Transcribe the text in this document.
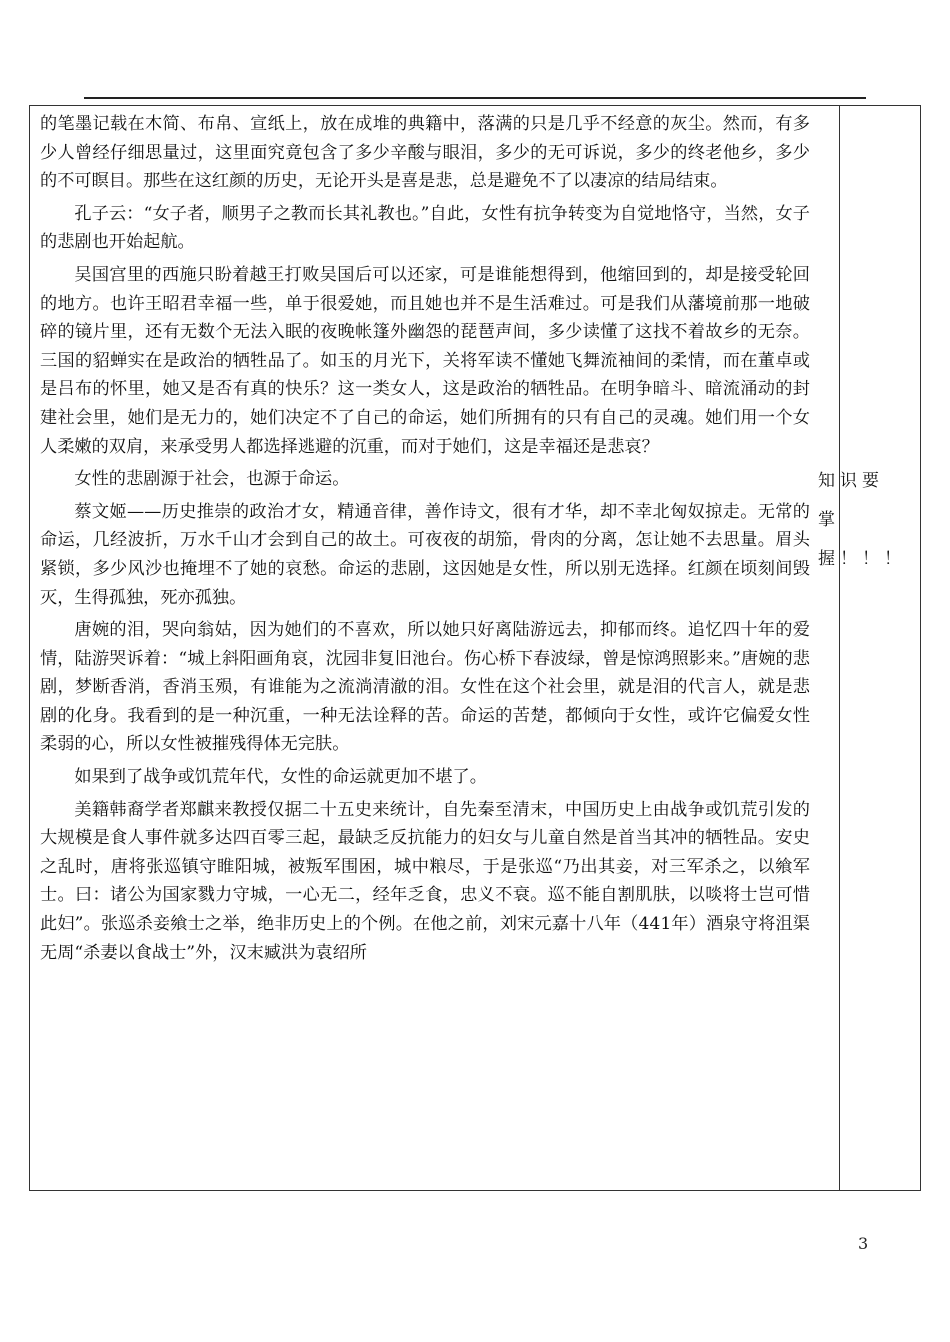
的笔墨记载在木简、布帛、宣纸上，放在成堆的典籍中，落满的只是几乎不经意的灰尘。然而，有多少人曾经仔细思量过，这里面究竟包含了多少辛酸与眼泪，多少的无可诉说，多少的终老他乡，多少的不可瞑目。那些在这红颜的历史，无论开头是喜是悲，总是避免不了以凄凉的结局结束。

孔子云：“女子者，顺男子之教而长其礼教也。”自此，女性有抗争转变为自觉地恪守，当然，女子的悲剧也开始起航。

吴国宫里的西施只盼着越王打败吴国后可以还家，可是谁能想得到，他缩回到的，却是接受轮回的地方。也许王昭君幸福一些，单于很爱她，而且她也并不是生活难过。可是我们从藩境前那一地破碎的镜片里，还有无数个无法入眠的夜晚帐篷外幽怨的琵琶声间，多少读懂了这找不着故乡的无奈。三国的貂蝉实在是政治的牺牲品了。如玉的月光下，关将军读不懂她飞舞流袖间的柔情，而在董卓或是吕布的怀里，她又是否有真的快乐？这一类女人，这是政治的牺牲品。在明争暗斗、暗流涌动的封建社会里，她们是无力的，她们决定不了自己的命运，她们所拥有的只有自己的灵魂。她们用一个女人柔嫩的双肩，来承受男人都选择逃避的沉重，而对于她们，这是幸福还是悲哀？

女性的悲剧源于社会，也源于命运。

蔡文姬——历史推崇的政治才女，精通音律，善作诗文，很有才华，却不幸北匈奴掠走。无常的命运，几经波折，万水千山才会到自己的故土。可夜夜的胡笳，骨肉的分离，怎让她不去思量。眉头紧锁，多少风沙也掩埋不了她的哀愁。命运的悲剧，这因她是女性，所以别无选择。红颜在顷刻间毁灭，生得孤独，死亦孤独。

唐婉的泪，哭向翁姑，因为她们的不喜欢，所以她只好离陆游远去，抑郁而终。追忆四十年的爱情，陆游哭诉着：“城上斜阳画角哀，沈园非复旧池台。伤心桥下春波绿，曾是惊鸿照影来。”唐婉的悲剧，梦断香消，香消玉殒，有谁能为之流淌清澈的泪。女性在这个社会里，就是泪的代言人，就是悲剧的化身。我看到的是一种沉重，一种无法诠释的苦。命运的苦楚，都倾向于女性，或许它偏爱女性柔弱的心，所以女性被摧残得体无完肤。

如果到了战争或饥荒年代，女性的命运就更加不堪了。

美籍韩裔学者郑麒来教授仅据二十五史来统计，自先秦至清末，中国历史上由战争或饥荒引发的大规模是食人事件就多达四百零三起，最缺乏反抗能力的妇女与儿童自然是首当其冲的牺牲品。安史之乱时，唐将张巡镇守睢阳城，被叛军围困，城中粮尽，于是张巡“乃出其妾，对三军杀之，以飨军士。曰：诸公为国家戮力守城，一心无二，经年乏食，忠义不衰。巡不能自割肌肤，以啖将士岂可惜此妇”。张巡杀妾飨士之举，绝非历史上的个例。在他之前，刘宋元嘉十八年（441年）酒泉守将沮渠无周“杀妻以食战士”外，汉末臧洪为袁绍所

知识要掌握！！！
3
